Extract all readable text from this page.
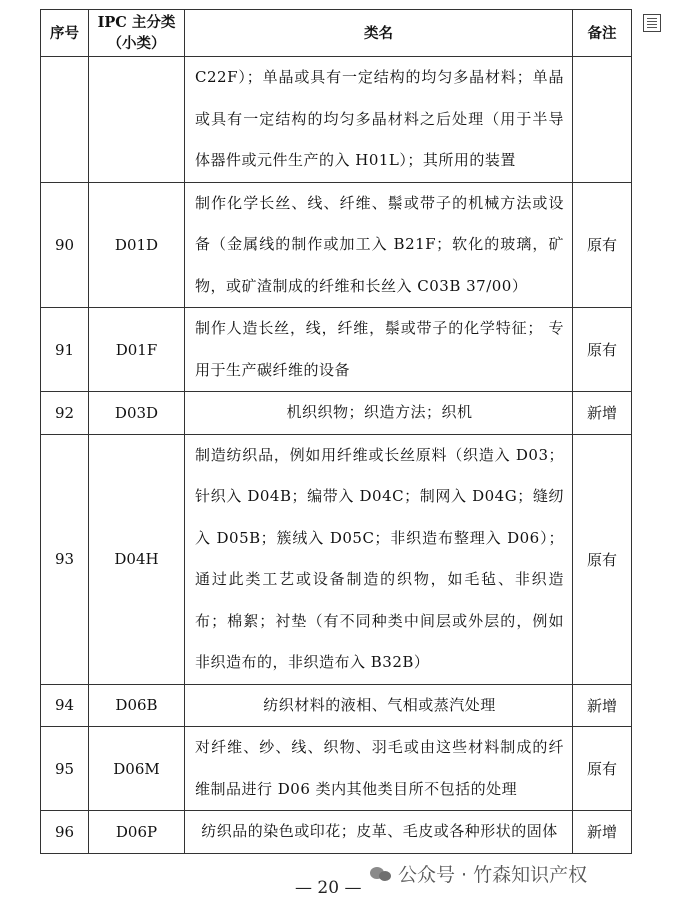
序号	IPC 主分类（小类）	类名	备注
		C22F）；单晶或具有一定结构的均匀多晶材料；单晶或具有一定结构的均匀多晶材料之后处理（用于半导体器件或元件生产的入 H01L）；其所用的装置	
90	D01D	制作化学长丝、线、纤维、鬃或带子的机械方法或设备（金属线的制作或加工入 B21F；软化的玻璃，矿物，或矿渣制成的纤维和长丝入 C03B 37/00）	原有
91	D01F	制作人造长丝，线，纤维，鬃或带子的化学特征； 专用于生产碳纤维的设备	原有
92	D03D	机织织物；织造方法；织机	新增
93	D04H	制造纺织品，例如用纤维或长丝原料（织造入 D03；针织入 D04B；编带入 D04C；制网入 D04G；缝纫入 D05B；簇绒入 D05C；非织造布整理入 D06）；通过此类工艺或设备制造的织物，如毛毡、非织造布；棉絮；衬垫（有不同种类中间层或外层的，例如非织造布的，非织造布入 B32B）	原有
94	D06B	纺织材料的液相、气相或蒸汽处理	新增
95	D06M	对纤维、纱、线、织物、羽毛或由这些材料制成的纤维制品进行 D06 类内其他类目所不包括的处理	原有
96	D06P	纺织品的染色或印花；皮革、毛皮或各种形状的固体	新增
公众号 · 竹森知识产权
— 20 —
